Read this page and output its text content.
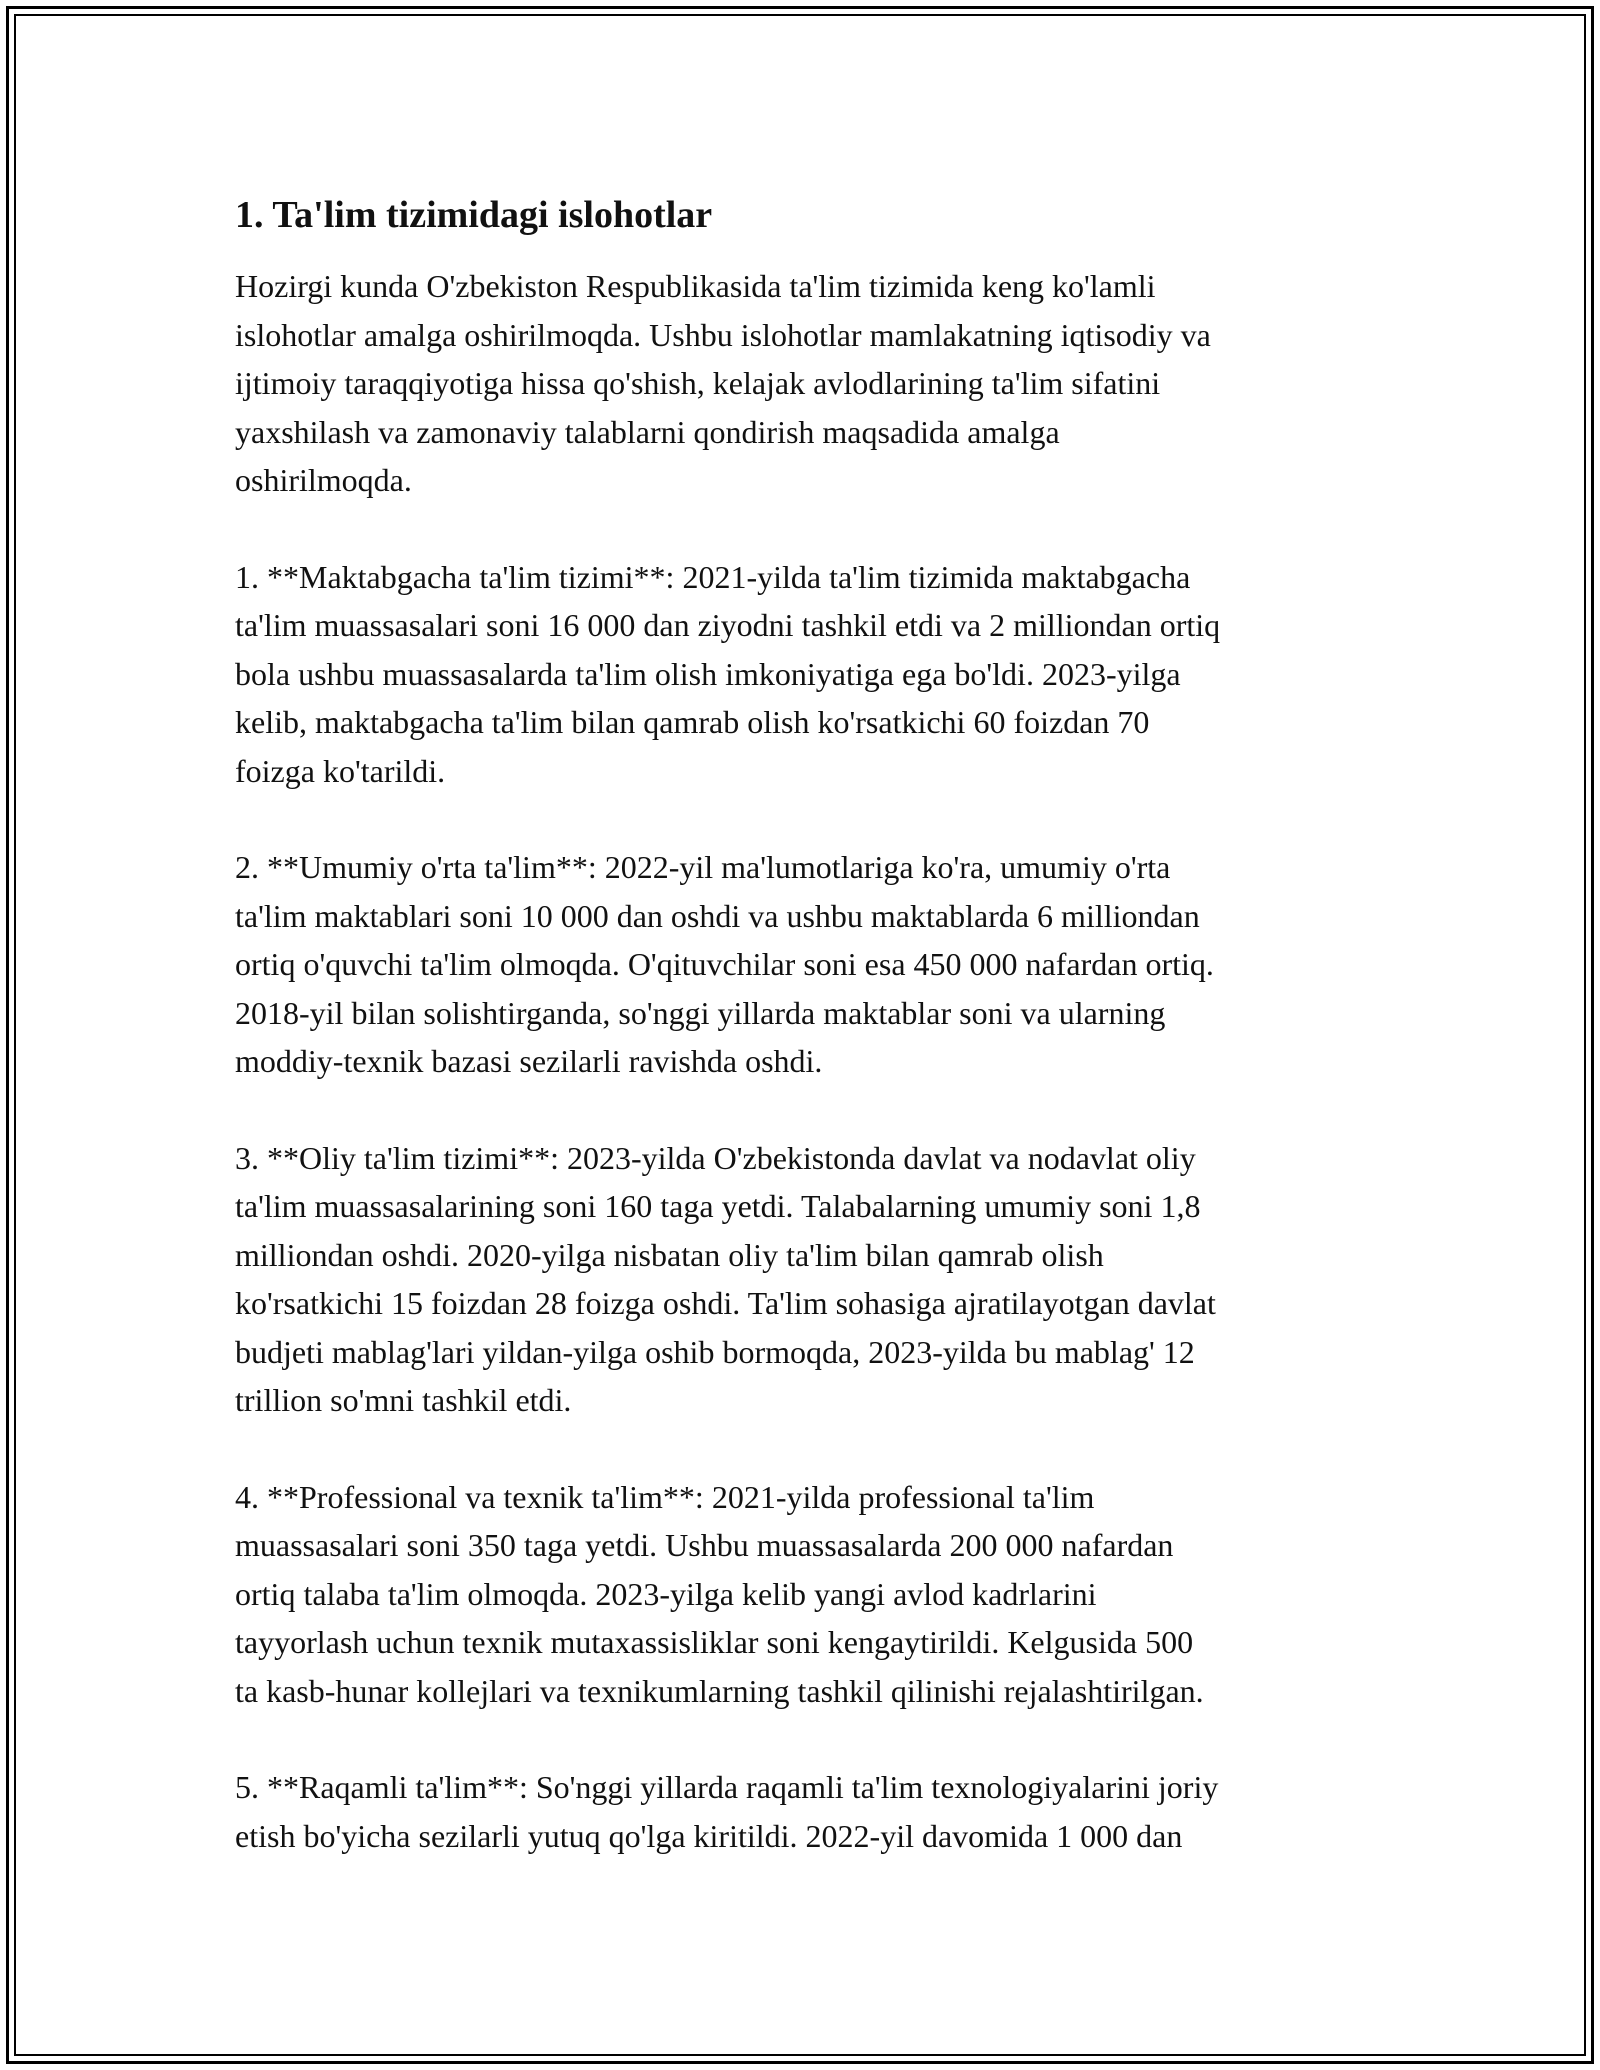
1. Ta'lim tizimidagi islohotlar

Hozirgi kunda O'zbekiston Respublikasida ta'lim tizimida keng ko'lamli
islohotlar amalga oshirilmoqda. Ushbu islohotlar mamlakatning iqtisodiy va
ijtimoiy taraqqiyotiga hissa qo'shish, kelajak avlodlarining ta'lim sifatini
yaxshilash va zamonaviy talablarni qondirish maqsadida amalga
oshirilmoqda.

1. **Maktabgacha ta'lim tizimi**: 2021-yilda ta'lim tizimida maktabgacha
ta'lim muassasalari soni 16 000 dan ziyodni tashkil etdi va 2 milliondan ortiq
bola ushbu muassasalarda ta'lim olish imkoniyatiga ega bo'ldi. 2023-yilga
kelib, maktabgacha ta'lim bilan qamrab olish ko'rsatkichi 60 foizdan 70
foizga ko'tarildi.

2. **Umumiy o'rta ta'lim**: 2022-yil ma'lumotlariga ko'ra, umumiy o'rta
ta'lim maktablari soni 10 000 dan oshdi va ushbu maktablarda 6 milliondan
ortiq o'quvchi ta'lim olmoqda. O'qituvchilar soni esa 450 000 nafardan ortiq.
2018-yil bilan solishtirganda, so'nggi yillarda maktablar soni va ularning
moddiy-texnik bazasi sezilarli ravishda oshdi.

3. **Oliy ta'lim tizimi**: 2023-yilda O'zbekistonda davlat va nodavlat oliy
ta'lim muassasalarining soni 160 taga yetdi. Talabalarning umumiy soni 1,8
milliondan oshdi. 2020-yilga nisbatan oliy ta'lim bilan qamrab olish
ko'rsatkichi 15 foizdan 28 foizga oshdi. Ta'lim sohasiga ajratilayotgan davlat
budjeti mablag'lari yildan-yilga oshib bormoqda, 2023-yilda bu mablag' 12
trillion so'mni tashkil etdi.

4. **Professional va texnik ta'lim**: 2021-yilda professional ta'lim
muassasalari soni 350 taga yetdi. Ushbu muassasalarda 200 000 nafardan
ortiq talaba ta'lim olmoqda. 2023-yilga kelib yangi avlod kadrlarini
tayyorlash uchun texnik mutaxassisliklar soni kengaytirildi. Kelgusida 500
ta kasb-hunar kollejlari va texnikumlarning tashkil qilinishi rejalashtirilgan.

5. **Raqamli ta'lim**: So'nggi yillarda raqamli ta'lim texnologiyalarini joriy
etish bo'yicha sezilarli yutuq qo'lga kiritildi. 2022-yil davomida 1 000 dan
